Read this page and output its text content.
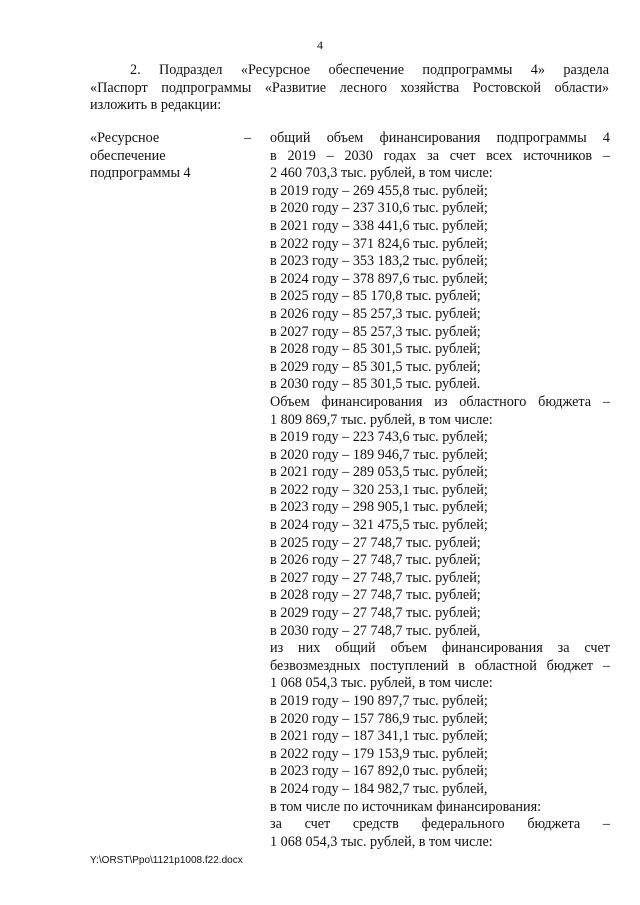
4

2. Подраздел «Ресурсное обеспечение подпрограммы 4» раздела

«Паспорт подпрограммы «Развитие лесного хозяйства Ростовской области»

изложить в редакции:

«Ресурсное
обеспечение
подпрограммы 4
– общий объем финансирования подпрограммы 4
в 2019 – 2030 годах за счет всех источников –
2 460 703,3 тыс. рублей, в том числе:
в 2019 году – 269 455,8 тыс. рублей;
в 2020 году – 237 310,6 тыс. рублей;
в 2021 году – 338 441,6 тыс. рублей;
в 2022 году – 371 824,6 тыс. рублей;
в 2023 году – 353 183,2 тыс. рублей;
в 2024 году – 378 897,6 тыс. рублей;
в 2025 году – 85 170,8 тыс. рублей;
в 2026 году – 85 257,3 тыс. рублей;
в 2027 году – 85 257,3 тыс. рублей;
в 2028 году – 85 301,5 тыс. рублей;
в 2029 году – 85 301,5 тыс. рублей;
в 2030 году – 85 301,5 тыс. рублей.
Объем финансирования из областного бюджета –
1 809 869,7 тыс. рублей, в том числе:
в 2019 году – 223 743,6 тыс. рублей;
в 2020 году – 189 946,7 тыс. рублей;
в 2021 году – 289 053,5 тыс. рублей;
в 2022 году – 320 253,1 тыс. рублей;
в 2023 году – 298 905,1 тыс. рублей;
в 2024 году – 321 475,5 тыс. рублей;
в 2025 году – 27 748,7 тыс. рублей;
в 2026 году – 27 748,7 тыс. рублей;
в 2027 году – 27 748,7 тыс. рублей;
в 2028 году – 27 748,7 тыс. рублей;
в 2029 году – 27 748,7 тыс. рублей;
в 2030 году – 27 748,7 тыс. рублей,
из них общий объем финансирования за счет
безвозмездных поступлений в областной бюджет –
1 068 054,3 тыс. рублей, в том числе:
в 2019 году – 190 897,7 тыс. рублей;
в 2020 году – 157 786,9 тыс. рублей;
в 2021 году – 187 341,1 тыс. рублей;
в 2022 году – 179 153,9 тыс. рублей;
в 2023 году – 167 892,0 тыс. рублей;
в 2024 году – 184 982,7 тыс. рублей,
в том числе по источникам финансирования:
за счет средств федерального бюджета –
1 068 054,3 тыс. рублей, в том числе:
Y:\ORST\Ppo\1121p1008.f22.docx
